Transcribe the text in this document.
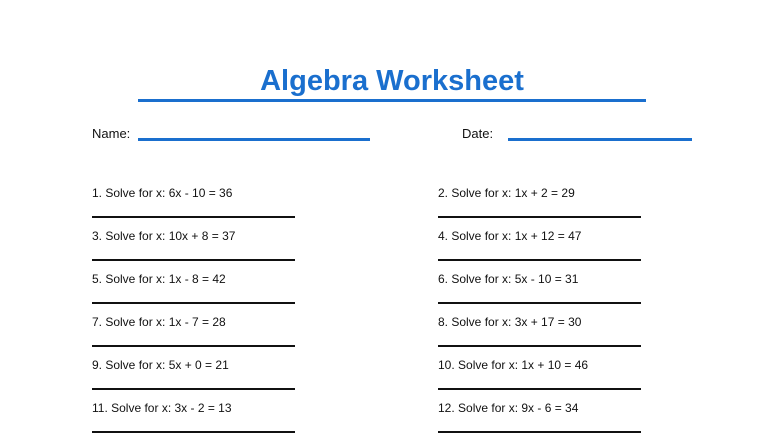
Algebra Worksheet
Name:	Date:
1. Solve for x: 6x - 10 = 36
3. Solve for x: 10x + 8 = 37
5. Solve for x: 1x - 8 = 42
7. Solve for x: 1x - 7 = 28
9. Solve for x: 5x + 0 = 21
11. Solve for x: 3x - 2 = 13
2. Solve for x: 1x + 2 = 29
4. Solve for x: 1x + 12 = 47
6. Solve for x: 5x - 10 = 31
8. Solve for x: 3x + 17 = 30
10. Solve for x: 1x + 10 = 46
12. Solve for x: 9x - 6 = 34
